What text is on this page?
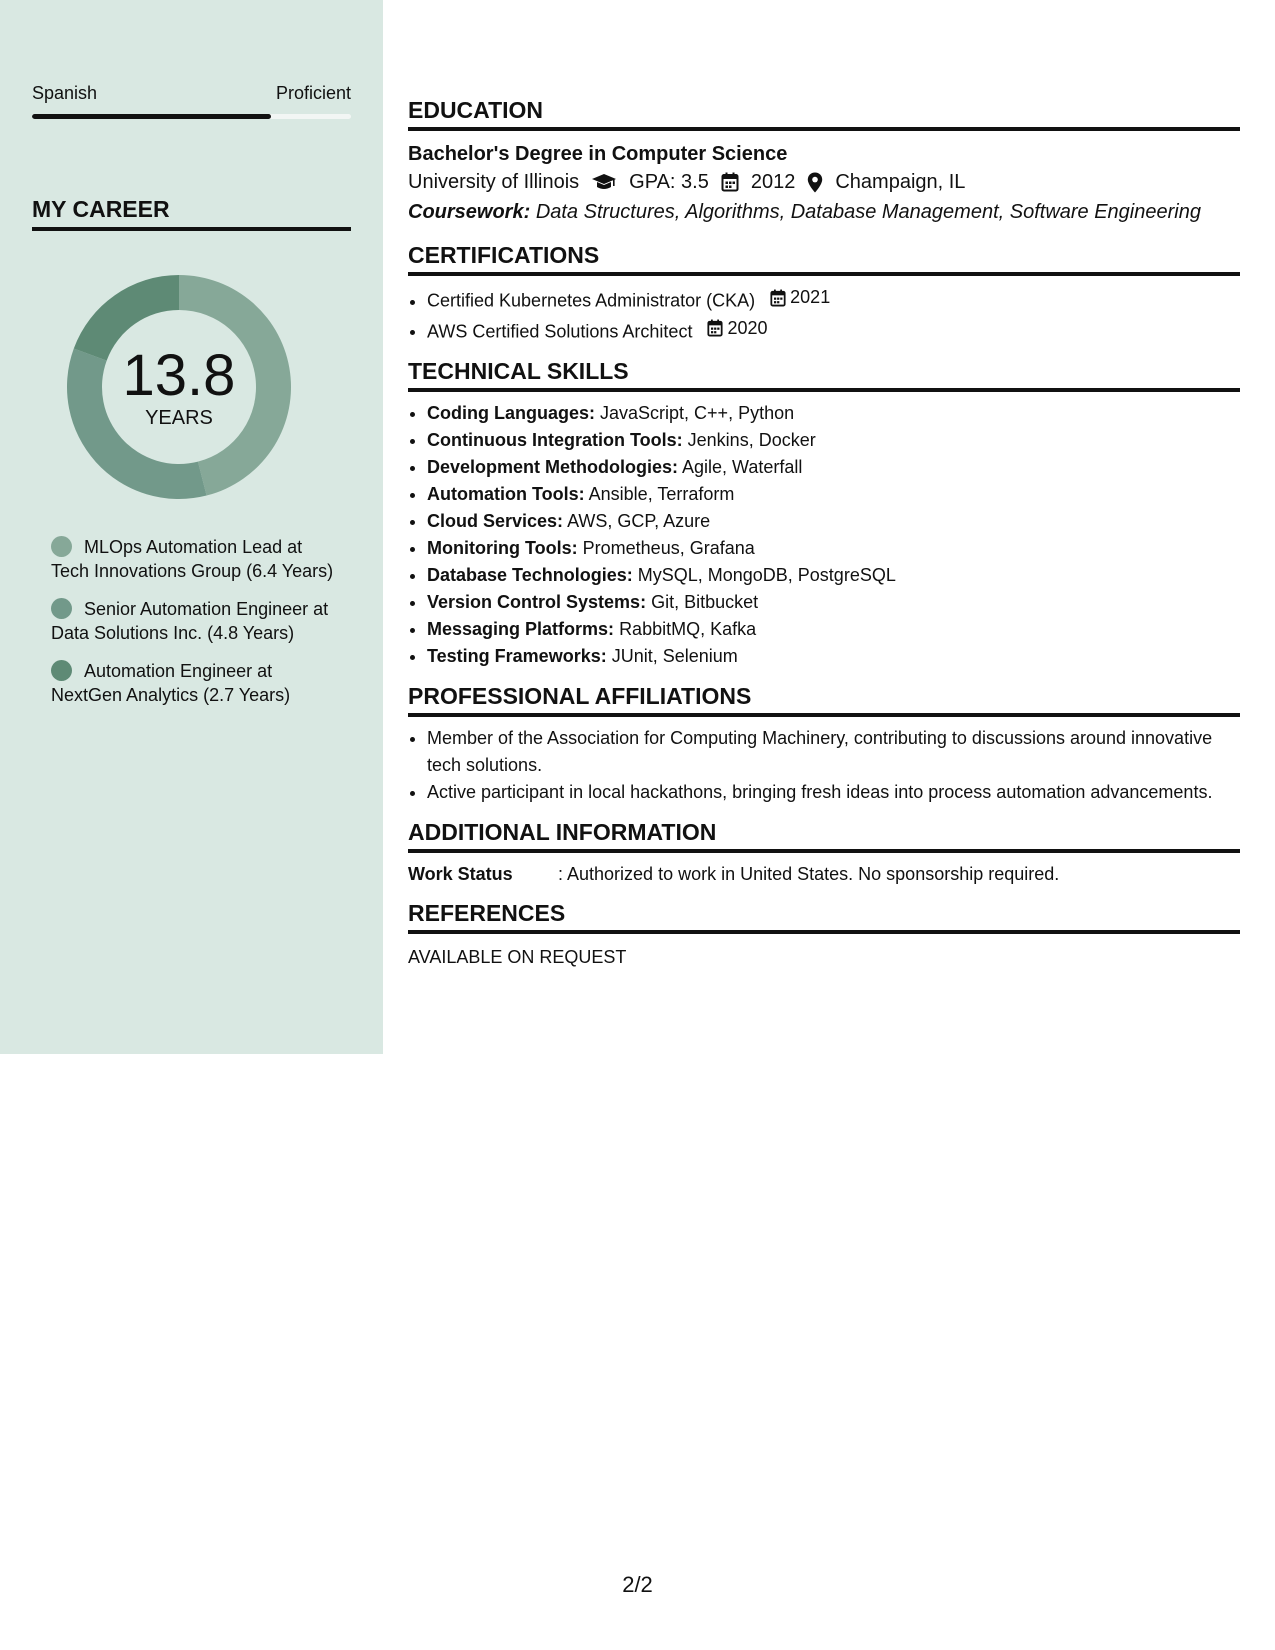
Spanish	Proficient
MY CAREER
13.8
YEARS
MLOps Automation Lead at Tech Innovations Group (6.4 Years)
Senior Automation Engineer at Data Solutions Inc. (4.8 Years)
Automation Engineer at NextGen Analytics (2.7 Years)
EDUCATION
Bachelor's Degree in Computer Science
University of Illinois	GPA: 3.5 2012 Champaign, IL
Coursework: Data Structures, Algorithms, Database Management, Software Engineering
CERTIFICATIONS
• Certified Kubernetes Administrator (CKA) 2021
• AWS Certified Solutions Architect 2020
TECHNICAL SKILLS
• Coding Languages: JavaScript, C++, Python
• Continuous Integration Tools: Jenkins, Docker
• Development Methodologies: Agile, Waterfall
• Automation Tools: Ansible, Terraform
• Cloud Services: AWS, GCP, Azure
• Monitoring Tools: Prometheus, Grafana
• Database Technologies: MySQL, MongoDB, PostgreSQL
• Version Control Systems: Git, Bitbucket
• Messaging Platforms: RabbitMQ, Kafka
• Testing Frameworks: JUnit, Selenium
PROFESSIONAL AFFILIATIONS
• Member of the Association for Computing Machinery, contributing to discussions around innovative tech solutions.
• Active participant in local hackathons, bringing fresh ideas into process automation advancements.
ADDITIONAL INFORMATION
Work Status	: Authorized to work in United States. No sponsorship required.
REFERENCES
AVAILABLE ON REQUEST
2/2
